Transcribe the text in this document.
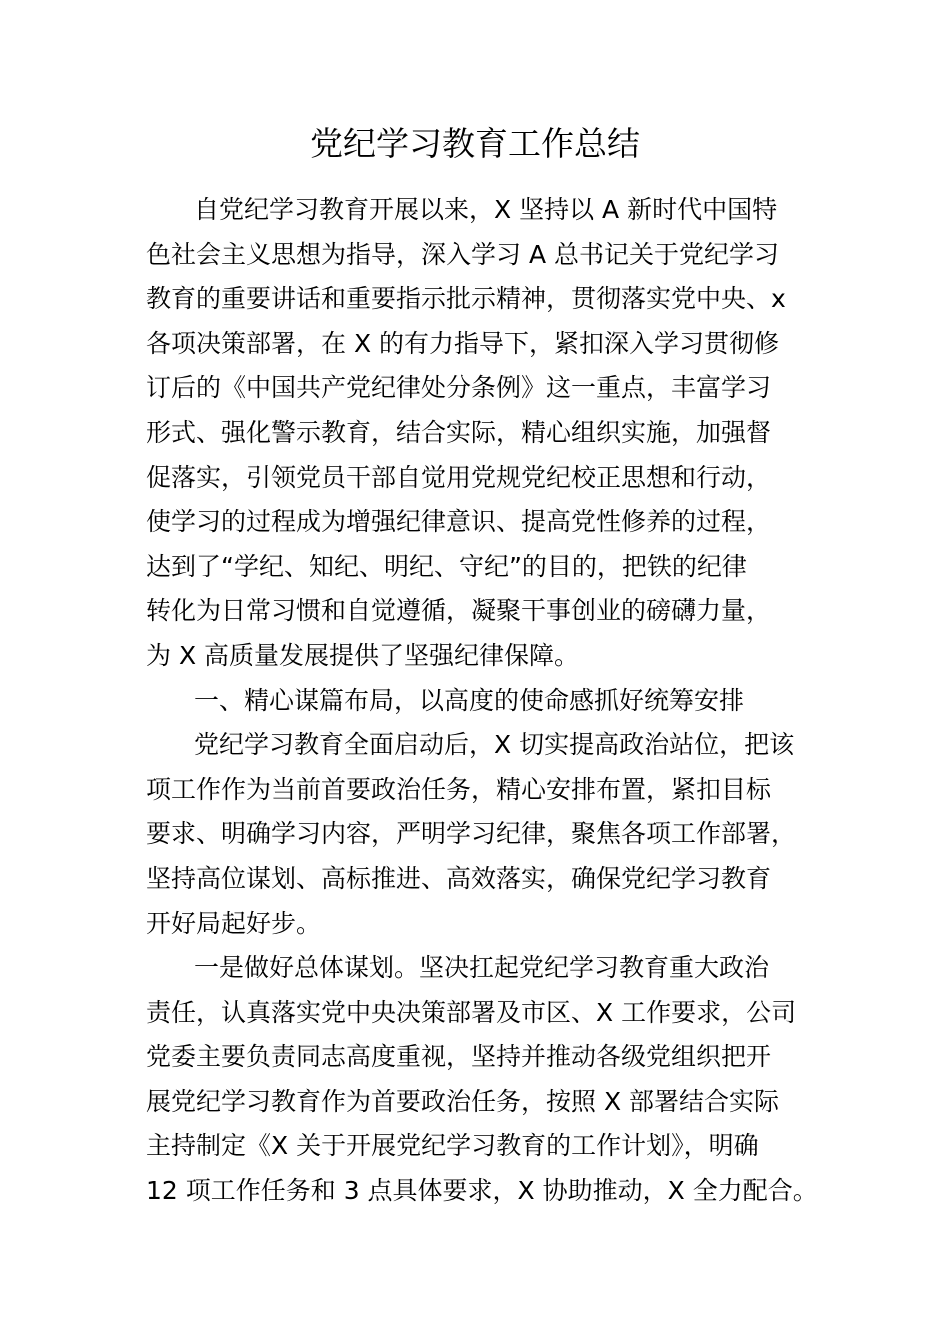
党纪学习教育工作总结

自党纪学习教育开展以来，X 坚持以 A 新时代中国特
色社会主义思想为指导，深入学习 A 总书记关于党纪学习
教育的重要讲话和重要指示批示精神，贯彻落实党中央、x
各项决策部署，在 X 的有力指导下，紧扣深入学习贯彻修
订后的《中国共产党纪律处分条例》这一重点，丰富学习
形式、强化警示教育，结合实际，精心组织实施，加强督
促落实，引领党员干部自觉用党规党纪校正思想和行动，
使学习的过程成为增强纪律意识、提高党性修养的过程，
达到了“学纪、知纪、明纪、守纪”的目的，把铁的纪律
转化为日常习惯和自觉遵循，凝聚干事创业的磅礴力量，
为 X 高质量发展提供了坚强纪律保障。

一、精心谋篇布局，以高度的使命感抓好统筹安排

党纪学习教育全面启动后，X 切实提高政治站位，把该
项工作作为当前首要政治任务，精心安排布置，紧扣目标
要求、明确学习内容，严明学习纪律，聚焦各项工作部署，
坚持高位谋划、高标推进、高效落实，确保党纪学习教育
开好局起好步。

一是做好总体谋划。坚决扛起党纪学习教育重大政治
责任，认真落实党中央决策部署及市区、X 工作要求，公司
党委主要负责同志高度重视，坚持并推动各级党组织把开
展党纪学习教育作为首要政治任务，按照 X 部署结合实际
主持制定《X 关于开展党纪学习教育的工作计划》，明确
12 项工作任务和 3 点具体要求，X 协助推动，X 全力配合。
